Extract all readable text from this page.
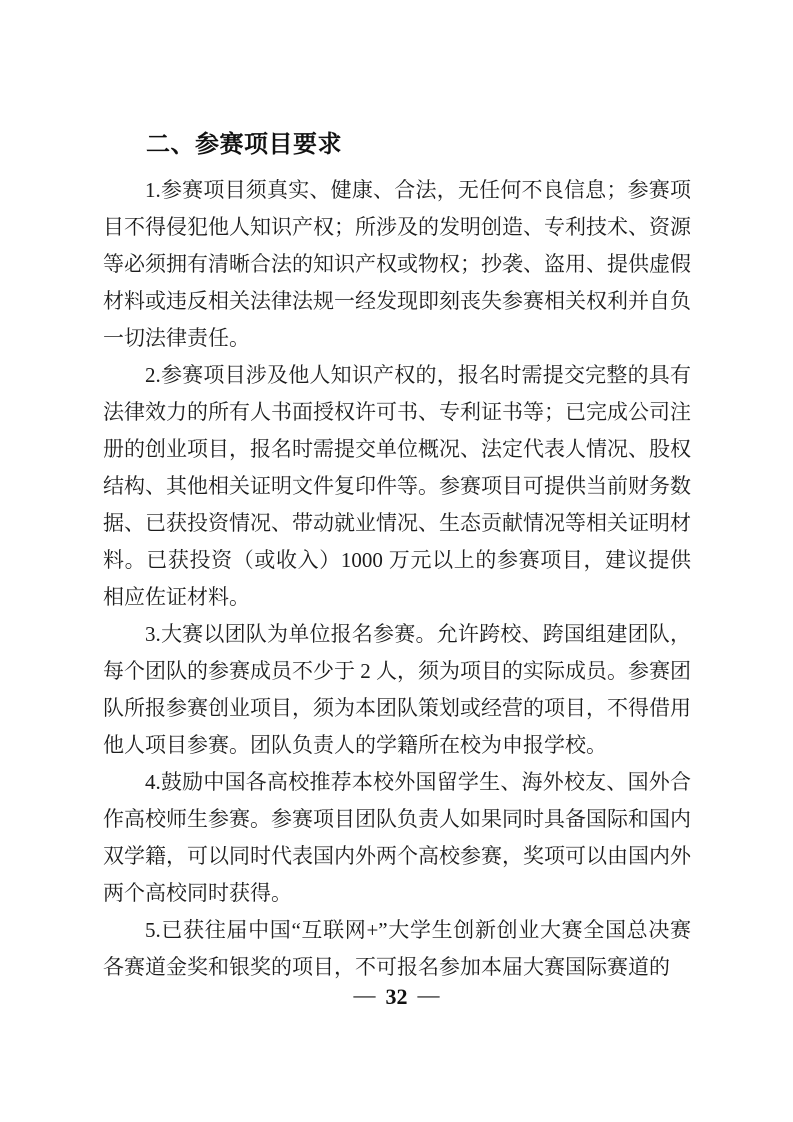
二、参赛项目要求

1.参赛项目须真实、健康、合法，无任何不良信息；参赛项目不得侵犯他人知识产权；所涉及的发明创造、专利技术、资源等必须拥有清晰合法的知识产权或物权；抄袭、盗用、提供虚假材料或违反相关法律法规一经发现即刻丧失参赛相关权利并自负一切法律责任。

2.参赛项目涉及他人知识产权的，报名时需提交完整的具有法律效力的所有人书面授权许可书、专利证书等；已完成公司注册的创业项目，报名时需提交单位概况、法定代表人情况、股权结构、其他相关证明文件复印件等。参赛项目可提供当前财务数据、已获投资情况、带动就业情况、生态贡献情况等相关证明材料。已获投资（或收入）1000 万元以上的参赛项目，建议提供相应佐证材料。

3.大赛以团队为单位报名参赛。允许跨校、跨国组建团队，每个团队的参赛成员不少于 2 人，须为项目的实际成员。参赛团队所报参赛创业项目，须为本团队策划或经营的项目，不得借用他人项目参赛。团队负责人的学籍所在校为申报学校。

4.鼓励中国各高校推荐本校外国留学生、海外校友、国外合作高校师生参赛。参赛项目团队负责人如果同时具备国际和国内双学籍，可以同时代表国内外两个高校参赛，奖项可以由国内外两个高校同时获得。

5.已获往届中国“互联网+”大学生创新创业大赛全国总决赛各赛道金奖和银奖的项目，不可报名参加本届大赛国际赛道的

— 32 —
